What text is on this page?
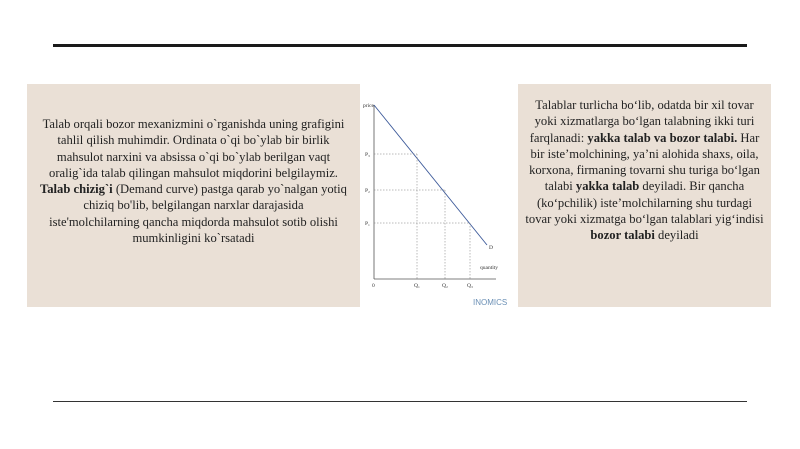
Talab orqali bozor mexanizmini o`rganishda uning grafigini tahlil qilish muhimdir. Ordinata o`qi bo`ylab bir birlik mahsulot narxini va absissa o`qi bo`ylab berilgan vaqt oralig`ida talab qilingan mahsulot miqdorini belgilaymiz. Talab chizig`i (Demand curve) pastga qarab yo`nalgan yotiq chiziq bo'lib, belgilangan narxlar darajasida iste'molchilarning qancha miqdorda mahsulot sotib olishi mumkinligini ko`rsatadi
price
quantity
0
D
P₃
P₂
P₁
Q₁	Q₂	Q₃
INOMICS
Talablar turlicha bo‘lib, odatda bir xil tovar yoki xizmatlarga bo‘lgan talabning ikki turi farqlanadi: yakka talab va bozor talabi. Har bir iste’molchining, ya’ni alohida shaxs, oila, korxona, firmaning tovarni shu turiga bo‘lgan talabi yakka talab deyiladi. Bir qancha (ko‘pchilik) iste’molchilarning shu turdagi tovar yoki xizmatga bo‘lgan talablari yig‘indisi bozor talabi deyiladi
